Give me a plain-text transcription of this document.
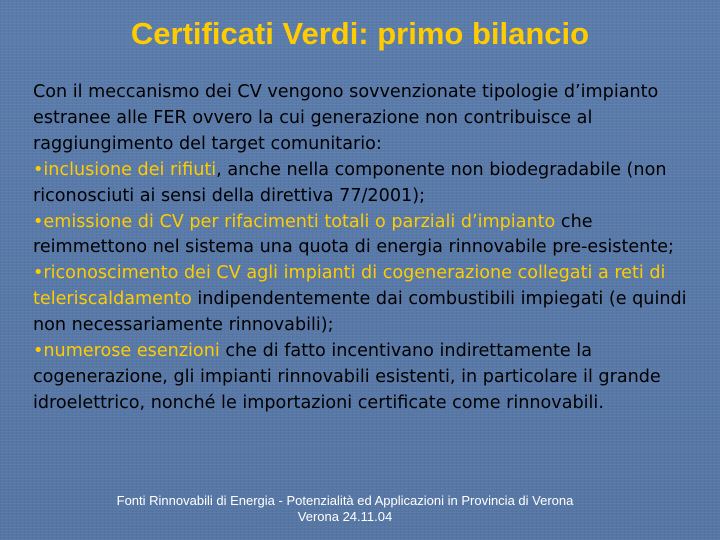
Certificati Verdi: primo bilancio

Con il meccanismo dei CV vengono sovvenzionate tipologie d’impianto estranee alle FER ovvero la cui generazione non contribuisce al raggiungimento del target comunitario:

•inclusione dei rifiuti, anche nella componente non biodegradabile (non riconosciuti ai sensi della direttiva 77/2001);

•emissione di CV per rifacimenti totali o parziali d’impianto che reimmettono nel sistema una quota di energia rinnovabile pre-esistente;

•riconoscimento dei CV agli impianti di cogenerazione collegati a reti di teleriscaldamento indipendentemente dai combustibili impiegati (e quindi non necessariamente rinnovabili);

•numerose esenzioni che di fatto incentivano indirettamente la cogenerazione, gli impianti rinnovabili esistenti, in particolare il grande idroelettrico, nonché le importazioni certificate come rinnovabili.

Fonti Rinnovabili di Energia - Potenzialità ed Applicazioni in Provincia di Verona
Verona 24.11.04
